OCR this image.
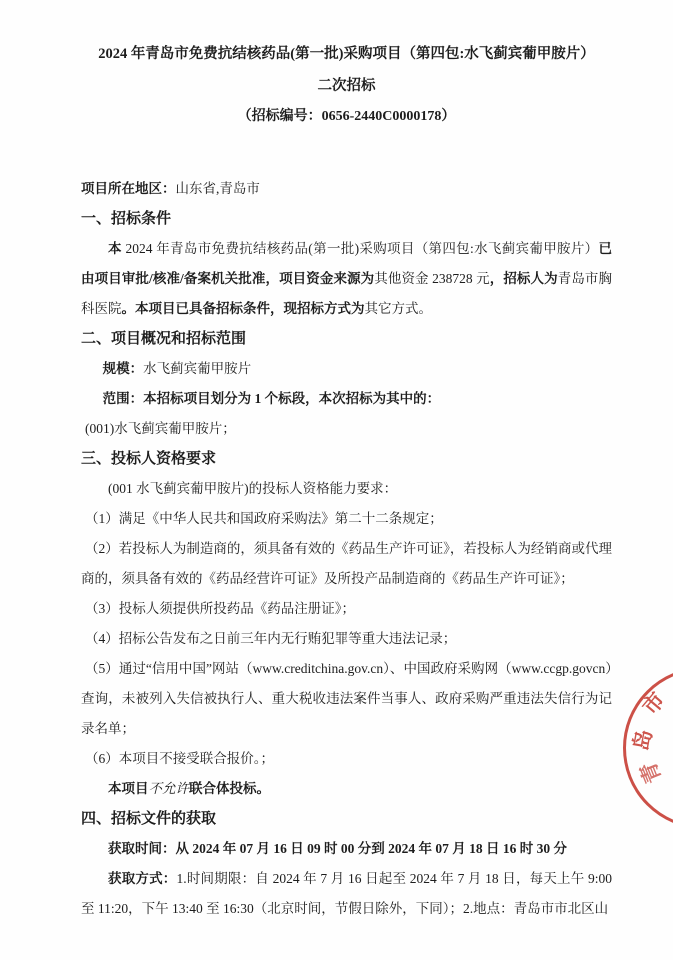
2024 年青岛市免费抗结核药品(第一批)采购项目（第四包:水飞蓟宾葡甲胺片）
二次招标
（招标编号：0656-2440C0000178）

项目所在地区：山东省,青岛市

一、招标条件

本 2024 年青岛市免费抗结核药品(第一批)采购项目（第四包:水飞蓟宾葡甲胺片）已由项目审批/核准/备案机关批准，项目资金来源为其他资金 238728 元，招标人为青岛市胸科医院。本项目已具备招标条件，现招标方式为其它方式。

二、项目概况和招标范围

规模：水飞蓟宾葡甲胺片

范围：本招标项目划分为 1 个标段，本次招标为其中的：

(001)水飞蓟宾葡甲胺片；

三、投标人资格要求

(001 水飞蓟宾葡甲胺片)的投标人资格能力要求：

（1）满足《中华人民共和国政府采购法》第二十二条规定；

（2）若投标人为制造商的，须具备有效的《药品生产许可证》，若投标人为经销商或代理商的，须具备有效的《药品经营许可证》及所投产品制造商的《药品生产许可证》；

（3）投标人须提供所投药品《药品注册证》；

（4）招标公告发布之日前三年内无行贿犯罪等重大违法记录；

（5）通过“信用中国”网站（www.creditchina.gov.cn）、中国政府采购网（www.ccgp.govcn）查询，未被列入失信被执行人、重大税收违法案件当事人、政府采购严重违法失信行为记录名单；

（6）本项目不接受联合报价。；

本项目不允许联合体投标。

四、招标文件的获取

获取时间：从 2024 年 07 月 16 日 09 时 00 分到 2024 年 07 月 18 日 16 时 30 分

获取方式：1.时间期限：自 2024 年 7 月 16 日起至 2024 年 7 月 18 日，每天上午 9:00 至 11:20，下午 13:40 至 16:30（北京时间，节假日除外，下同）；2.地点：青岛市市北区山

市
岛
青
